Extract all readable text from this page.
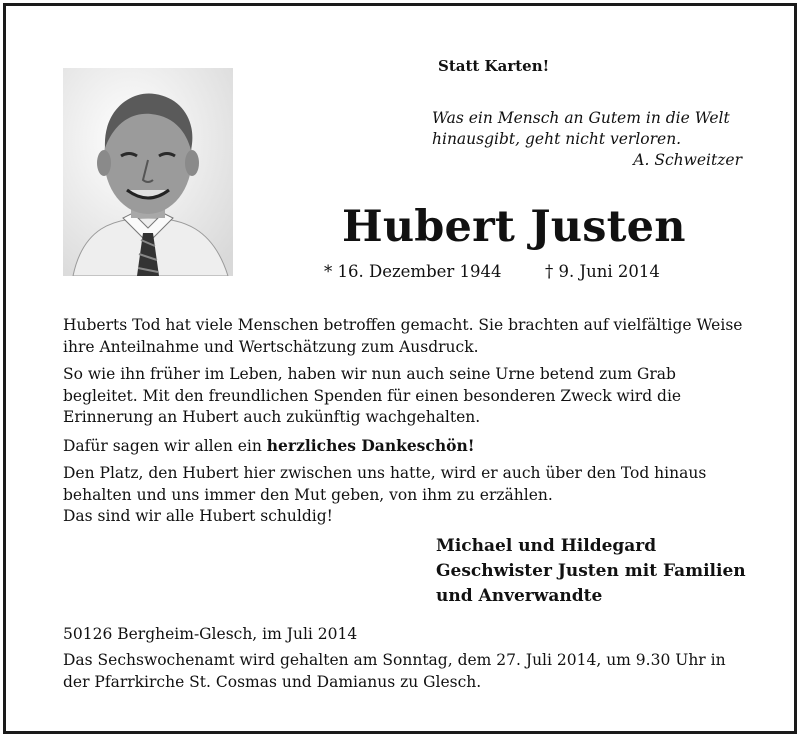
Statt Karten!
Was ein Mensch an Gutem in die Welt
hinausgibt, geht nicht verloren.
A. Schweitzer
Hubert Justen
* 16. Dezember 1944	† 9. Juni 2014

Huberts Tod hat viele Menschen betroffen gemacht. Sie brachten auf vielfältige Weise ihre Anteilnahme und Wertschätzung zum Ausdruck.

So wie ihn früher im Leben, haben wir nun auch seine Urne betend zum Grab begleitet. Mit den freundlichen Spenden für einen besonderen Zweck wird die Erinnerung an Hubert auch zukünftig wachgehalten.

Dafür sagen wir allen ein herzliches Dankeschön!

Den Platz, den Hubert hier zwischen uns hatte, wird er auch über den Tod hinaus behalten und uns immer den Mut geben, von ihm zu erzählen.
Das sind wir alle Hubert schuldig!

Michael und Hildegard
Geschwister Justen mit Familien
und Anverwandte
50126 Bergheim-Glesch, im Juli 2014
Das Sechswochenamt wird gehalten am Sonntag, dem 27. Juli 2014, um 9.30 Uhr in der Pfarrkirche St. Cosmas und Damianus zu Glesch.
